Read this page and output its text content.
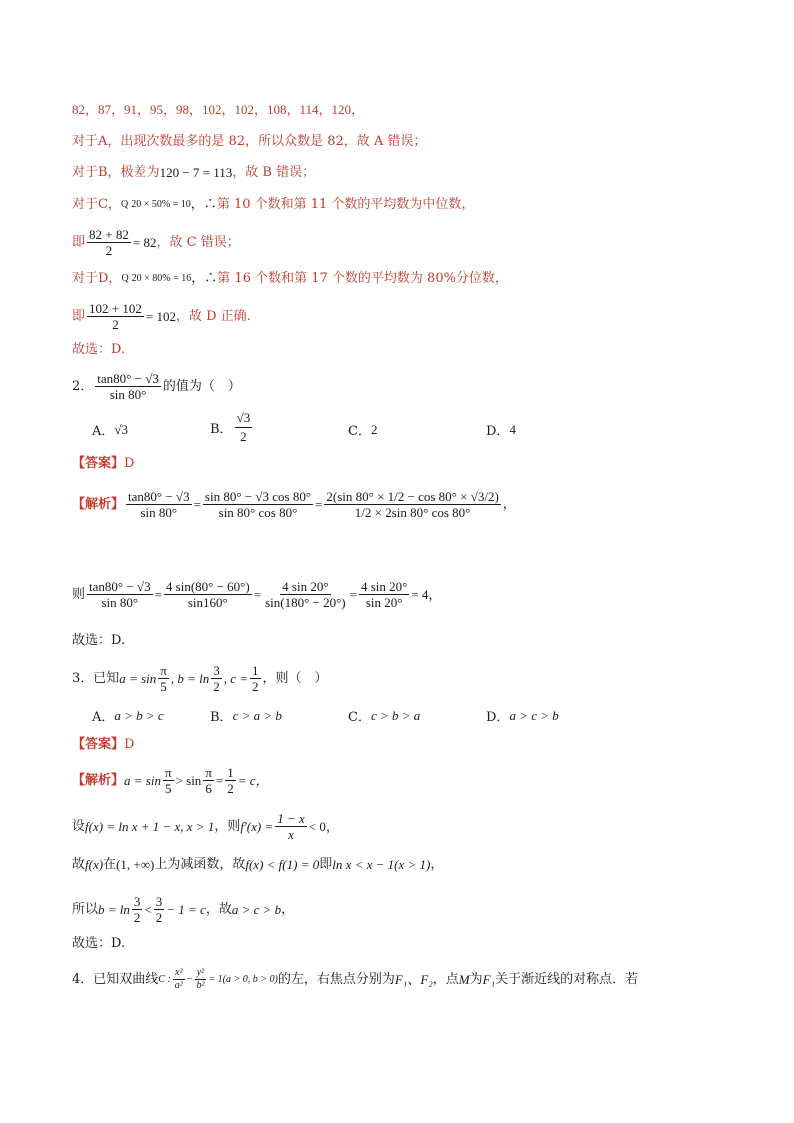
82，87，91，95，98，102，102，108，114，120，
对于A，出现次数最多的是 82，所以众数是 82，故 A 错误；
对于B，极差为 120 − 7 = 113 ，故 B 错误；
对于C， Q 20 × 50% = 10 ，∴ 第 10 个数和第 11 个数的平均数为中位数，
即 $\frac{82 + 82}{2} = 82$ ，故 C 错误；
对于D， Q 20 × 80% = 16 ，∴ 第 16 个数和第 17 个数的平均数为 80%分位数，
即 $\frac{102 + 102}{2} = 102$ ，故 D 正确.
故选：D.
2． $\frac{\tan 80^\circ - √3}{\sin 80^\circ}$ 的值为（　）
A． √3	B． $\frac{√3}{2}$	C． 2	D． 4
【答案】 D
【解析】 $\frac{\tan 80^\circ - √3}{\sin 80^\circ} = \frac{\sin 80^\circ - √3 \cos 80^\circ}{\sin 80^\circ \cos 80^\circ} = \frac{2(\sin 80^\circ \times 1/2 - \cos 80^\circ \times √3/2)}{1/2 \times 2\sin 80^\circ \cos 80^\circ}$ ，
则 $\frac{\tan 80^\circ - √3}{\sin 80^\circ} = \frac{4 \sin(80^\circ - 60^\circ)}{\sin 160^\circ} = \frac{4 \sin 20^\circ}{\sin(180^\circ - 20^\circ)} = \frac{4 \sin 20^\circ}{\sin 20^\circ} = 4$，
故选：D.
3． 已知 $a = \sin \frac{\pi}{5}$ , $b = \ln \frac{3}{2}$ , $c = \frac{1}{2}$ ，则（　）
A． a > b > c	B． c > a > b	C． c > b > a	D． a > c > b
【答案】 D
【解析】 $a = \sin \frac{\pi}{5} > \sin \frac{\pi}{6} = \frac{1}{2} = c$，
设 f(x) = ln x + 1 − x, x > 1 ，则 $f'(x) = \frac{1 - x}{x} < 0$，
故 f(x) 在 (1, +∞) 上为减函数，故 f(x) < f(1) = 0 即 ln x < x − 1(x > 1) ，
所以 $b = \ln \frac{3}{2} < \frac{3}{2} - 1 = c$ ，故 a > c > b ，
故选：D.
4． 已知双曲线 C : $\frac{\text{x²}}{\text{a²}} - \frac{\text{y²}}{\text{b²}} = 1(a > 0$, b > 0) 的左，右焦点分别为 F₁、F₂ ，点 M 为 F₁ 关于渐近线的对称点．若
